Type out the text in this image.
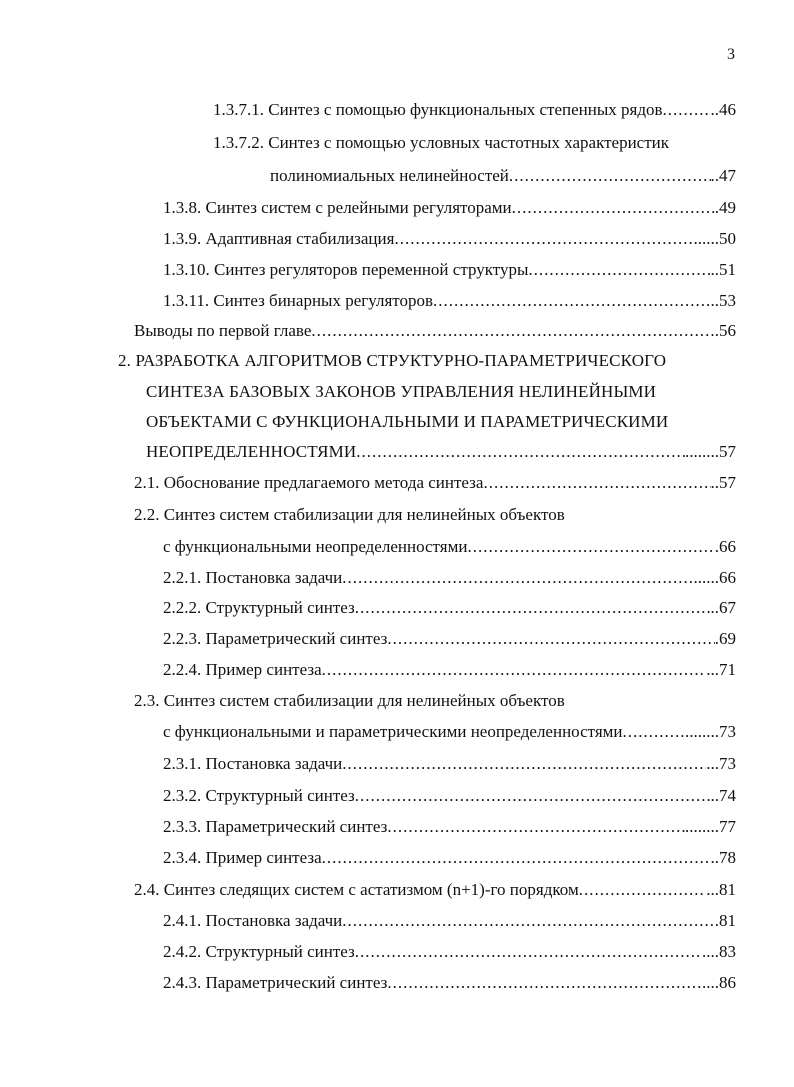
3
1.3.7.1. Синтез с помощью функциональных степенных рядов .....	..46
1.3.7.2. Синтез с помощью условных частотных характеристик
полиномиальных нелинейностей .....	..47
1.3.8. Синтез систем с релейными регуляторами .....	.49
1.3.9. Адаптивная стабилизация .....	......50
1.3.10. Синтез регуляторов переменной структуры .....	..51
1.3.11. Синтез бинарных регуляторов .....	..53
Выводы по первой главе .....	.56
2. РАЗРАБОТКА АЛГОРИТМОВ СТРУКТУРНО-ПАРАМЕТРИЧЕСКОГО
СИНТЕЗА БАЗОВЫХ ЗАКОНОВ УПРАВЛЕНИЯ НЕЛИНЕЙНЫМИ
ОБЪЕКТАМИ С ФУНКЦИОНАЛЬНЫМИ И ПАРАМЕТРИЧЕСКИМИ
НЕОПРЕДЕЛЕННОСТЯМИ .....	........57
2.1. Обоснование предлагаемого метода синтеза .....	..57
2.2. Синтез систем стабилизации для нелинейных объектов
с функциональными неопределенностями .....	.66
2.2.1. Постановка задачи .....	......66
2.2.2. Структурный синтез .....	..67
2.2.3. Параметрический синтез .....	.69
2.2.4. Пример синтеза .....	...71
2.3. Синтез систем стабилизации для нелинейных объектов
с функциональными и параметрическими неопределенностями .....	........73
2.3.1. Постановка задачи .....	...73
2.3.2. Структурный синтез .....	..74
2.3.3. Параметрический синтез .....	........77
2.3.4. Пример синтеза .....	..78
2.4. Синтез следящих систем с астатизмом (n+1)-го порядком .....	...81
2.4.1. Постановка задачи .....	.81
2.4.2. Структурный синтез .....	....83
2.4.3. Параметрический синтез .....	....86
